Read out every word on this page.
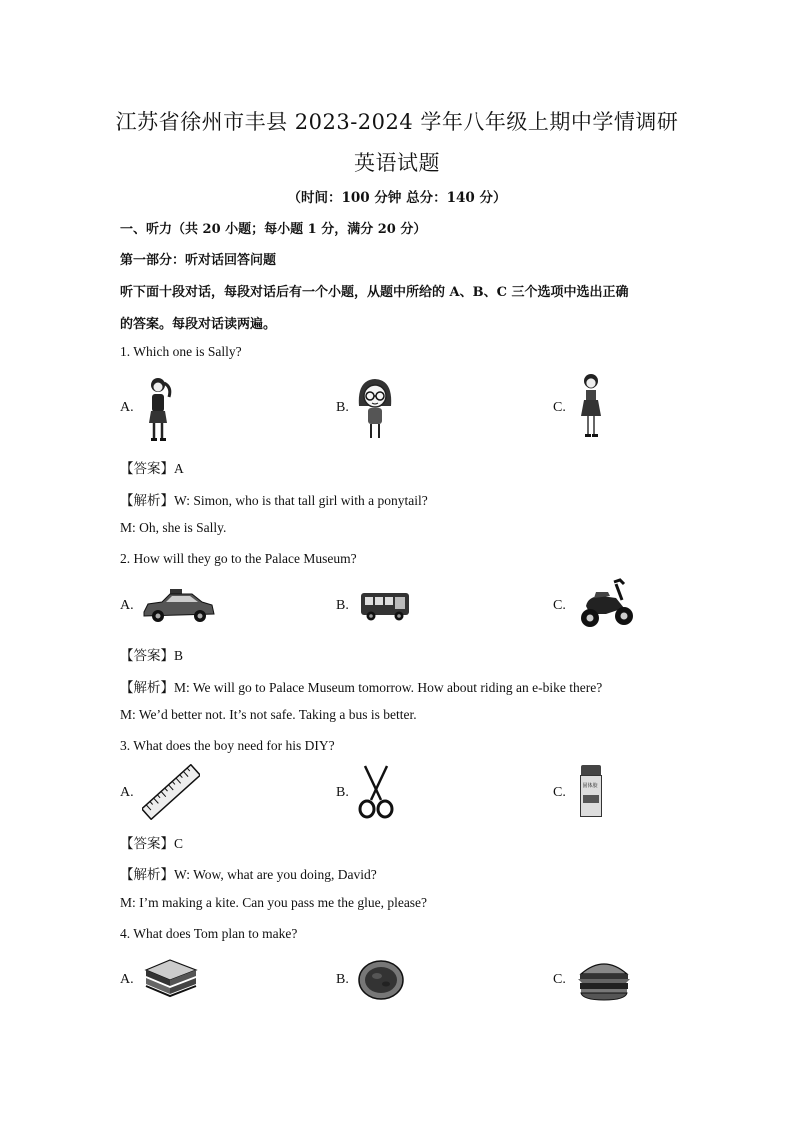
江苏省徐州市丰县 2023-2024 学年八年级上期中学情调研
英语试题
（时间：100 分钟 总分：140 分）
一、听力（共 20 小题；每小题 1 分，满分 20 分）
第一部分：听对话回答问题
听下面十段对话，每段对话后有一个小题，从题中所给的 A、B、C 三个选项中选出正确
的答案。每段对话读两遍。
1. Which one is Sally?
A.	B.	C.
【答案】A
【解析】W: Simon, who is that tall girl with a ponytail?
M: Oh, she is Sally.
2. How will they go to the Palace Museum?
A.	B.	C.
【答案】B
【解析】M: We will go to Palace Museum tomorrow. How about riding an e-bike there?
M: We’d better not. It’s not safe. Taking a bus is better.
3. What does the boy need for his DIY?
A.	B.	C.	固体胶
【答案】C
【解析】W: Wow, what are you doing, David?
M: I’m making a kite. Can you pass me the glue, please?
4. What does Tom plan to make?
A.	B.	C.
